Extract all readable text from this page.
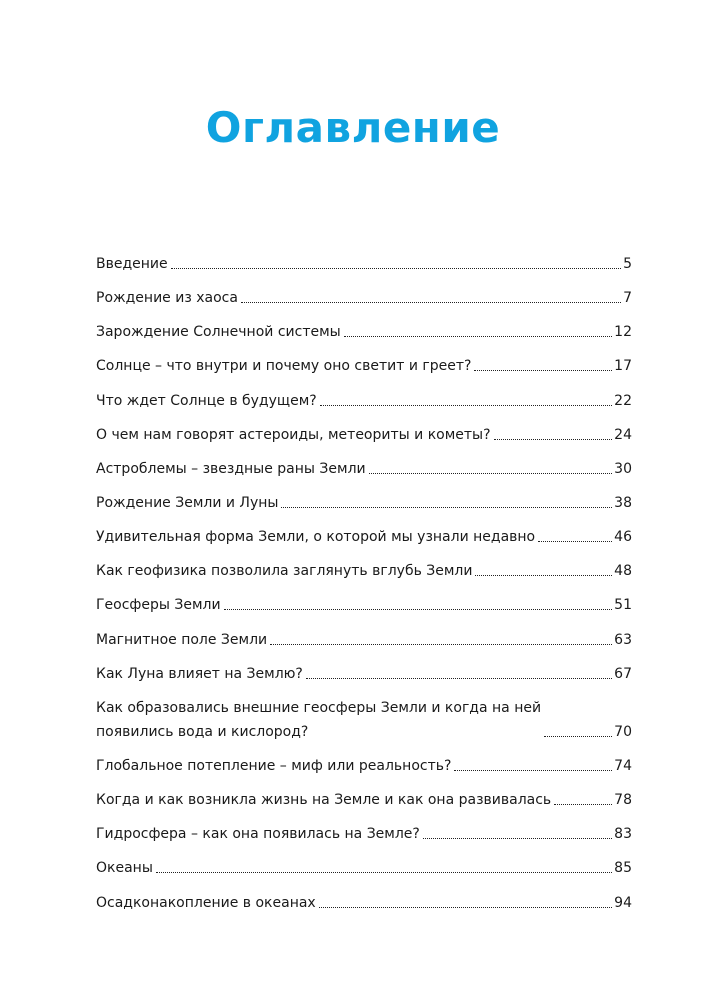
Оглавление
Введение	5
Рождение из хаоса	7
Зарождение Солнечной системы	12
Солнце – что внутри и почему оно светит и греет?	17
Что ждет Солнце в будущем?	22
О чем нам говорят астероиды, метеориты и кометы?	24
Астроблемы – звездные раны Земли	30
Рождение Земли и Луны	38
Удивительная форма Земли, о которой мы узнали недавно	46
Как геофизика позволила заглянуть вглубь Земли	48
Геосферы Земли	51
Магнитное поле Земли	63
Как Луна влияет на Землю?	67
Как образовались внешние геосферы Земли и когда на ней
появились вода и кислород?	70
Глобальное потепление – миф или реальность?	74
Когда и как возникла жизнь на Земле и как она развивалась	78
Гидросфера – как она появилась на Земле?	83
Океаны	85
Осадконакопление в океанах	94
